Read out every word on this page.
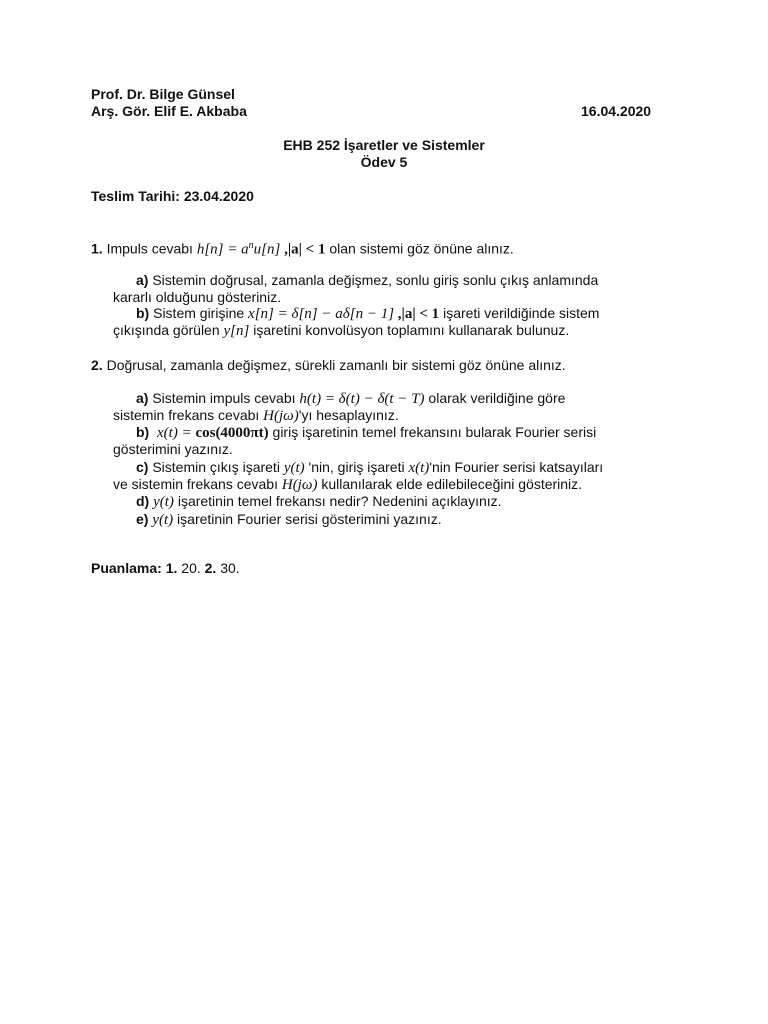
Prof. Dr. Bilge Günsel
Arş. Gör. Elif E. Akbaba	16.04.2020
EHB 252 İşaretler ve Sistemler
Ödev 5
Teslim Tarihi: 23.04.2020
1. Impuls cevabı $h[n] = a^nu[n] ,|a| < 1$ olan sistemi göz önüne alınız.
a) Sistemin doğrusal, zamanla değişmez, sonlu giriş sonlu çıkış anlamında
kararlı olduğunu gösteriniz.
b) Sistem girişine x[n] = δ[n] − aδ[n − 1] ,|a| < 1 işareti verildiğinde sistem
çıkışında görülen y[n] işaretini konvolüsyon toplamını kullanarak bulunuz.
2. Doğrusal, zamanla değişmez, sürekli zamanlı bir sistemi göz önüne alınız.
a) Sistemin impuls cevabı h(t) = δ(t) − δ(t − T) olarak verildiğine göre
sistemin frekans cevabı H(jω)'yı hesaplayınız.
b) x(t) = cos(4000πt) giriş işaretinin temel frekansını bularak Fourier serisi
gösterimini yazınız.
c) Sistemin çıkış işareti y(t) 'nin, giriş işareti x(t)'nin Fourier serisi katsayıları
ve sistemin frekans cevabı H(jω) kullanılarak elde edilebileceğini gösteriniz.
d) y(t) işaretinin temel frekansı nedir? Nedenini açıklayınız.
e) y(t) işaretinin Fourier serisi gösterimini yazınız.
Puanlama: 1. 20. 2. 30.
